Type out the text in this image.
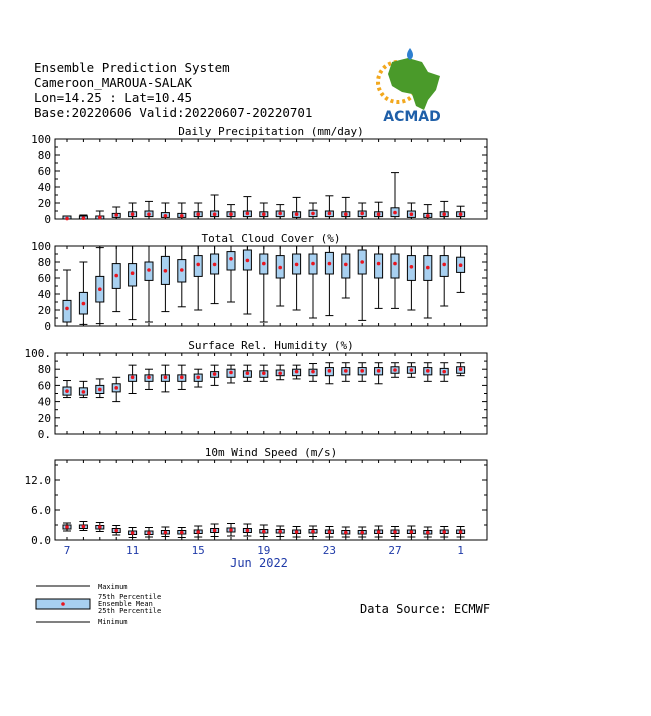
Ensemble Prediction System
Cameroon_MAROUA-SALAK
Lon=14.25 : Lat=10.45
Base:20220606 Valid:20220607-20220701	ACMAD
Daily Precipitation (mm/day)
0
20
40
60
80
100
Total Cloud Cover (%)
0
20
40
60
80
100
Surface Rel. Humidity (%)
0.
20
40
60
80
100.
10m Wind Speed (m/s)
0.0
6.0
12.0
7	11	15	19	23	27	1
Jun 2022
Maximum
75th Percentile
Ensemble Mean
25th Percentile
Minimum
Data Source: ECMWF
